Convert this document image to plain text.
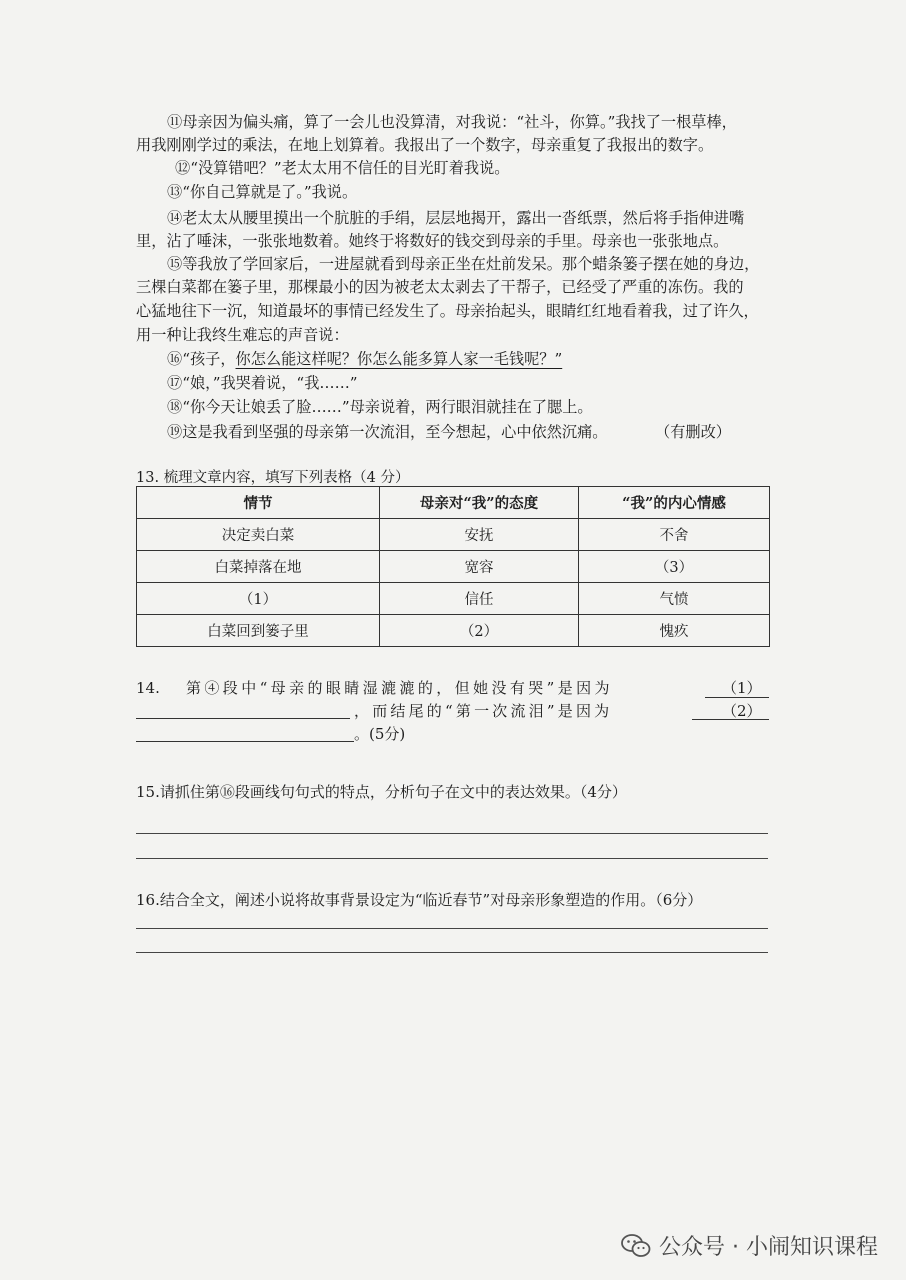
⑪母亲因为偏头痛，算了一会儿也没算清，对我说：“社斗，你算。”我找了一根草棒，
用我刚刚学过的乘法，在地上划算着。我报出了一个数字，母亲重复了我报出的数字。
⑫“没算错吧？”老太太用不信任的目光盯着我说。
⑬“你自己算就是了。”我说。
⑭老太太从腰里摸出一个肮脏的手绢，层层地揭开，露出一沓纸票，然后将手指伸进嘴
里，沾了唾沫，一张张地数着。她终于将数好的钱交到母亲的手里。母亲也一张张地点。
⑮等我放了学回家后，一进屋就看到母亲正坐在灶前发呆。那个蜡条篓子摆在她的身边，
三棵白菜都在篓子里，那棵最小的因为被老太太剥去了干帮子，已经受了严重的冻伤。我的
心猛地往下一沉，知道最坏的事情已经发生了。母亲抬起头，眼睛红红地看着我，过了许久，
用一种让我终生难忘的声音说：
⑯“孩子，你怎么能这样呢？你怎么能多算人家一毛钱呢？”
⑰“娘，”我哭着说，“我……”
⑱“你今天让娘丢了脸……”母亲说着，两行眼泪就挂在了腮上。
⑲这是我看到坚强的母亲第一次流泪，至今想起，心中依然沉痛。	（有删改）
13. 梳理文章内容，填写下列表格（4 分）
情节	母亲对“我”的态度	“我”的内心情感
决定卖白菜	安抚	不舍
白菜掉落在地	宽容	（3）
（1）	信任	气愤
白菜回到篓子里	（2）	愧疚
14. 第④段中“母亲的眼睛湿漉漉的，但她没有哭”是因为	（1）
，而结尾的“第一次流泪”是因为	（2）
。(5分)
15.请抓住第⑯段画线句句式的特点，分析句子在文中的表达效果。（4分）
16.结合全文，阐述小说将故事背景设定为“临近春节”对母亲形象塑造的作用。（6分）
公众号 · 小闹知识课程
